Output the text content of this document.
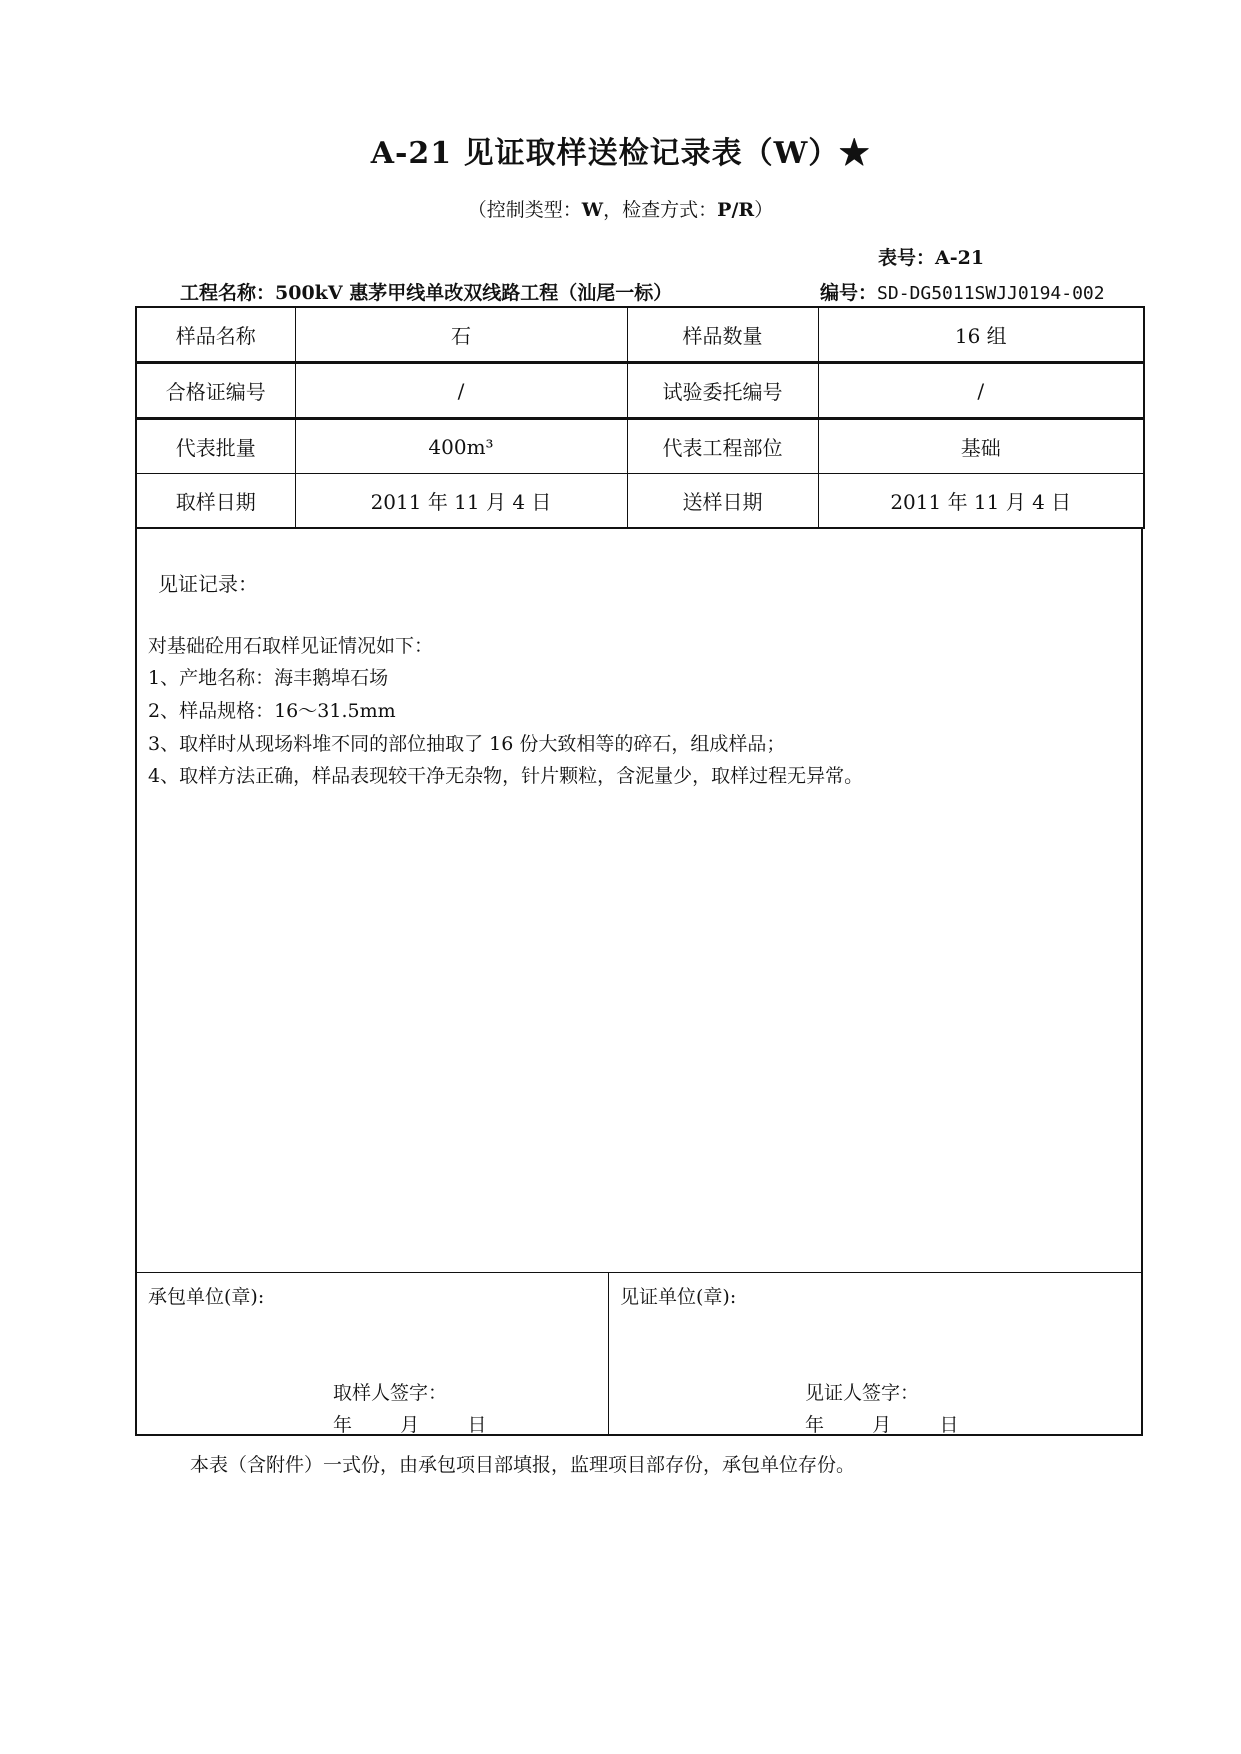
A-21 见证取样送检记录表（W）★
（控制类型：W，检查方式：P/R）
表号：A-21
工程名称：500kV 惠茅甲线单改双线路工程（汕尾一标）	编号：SD-DG5011SWJJ0194-002
样品名称	石	样品数量	16 组
合格证编号	/	试验委托编号	/
代表批量	400m³	代表工程部位	基础
取样日期	2011 年 11 月 4 日	送样日期	2011 年 11 月 4 日
见证记录：
对基础砼用石取样见证情况如下：
1、产地名称：海丰鹅埠石场
2、样品规格：16～31.5mm
3、取样时从现场料堆不同的部位抽取了 16 份大致相等的碎石，组成样品；
4、取样方法正确，样品表现较干净无杂物，针片颗粒，含泥量少，取样过程无异常。
承包单位(章):
取样人签字：
年      月      日
见证单位(章):
见证人签字：
年      月      日
本表（含附件）一式份，由承包项目部填报，监理项目部存份，承包单位存份。
